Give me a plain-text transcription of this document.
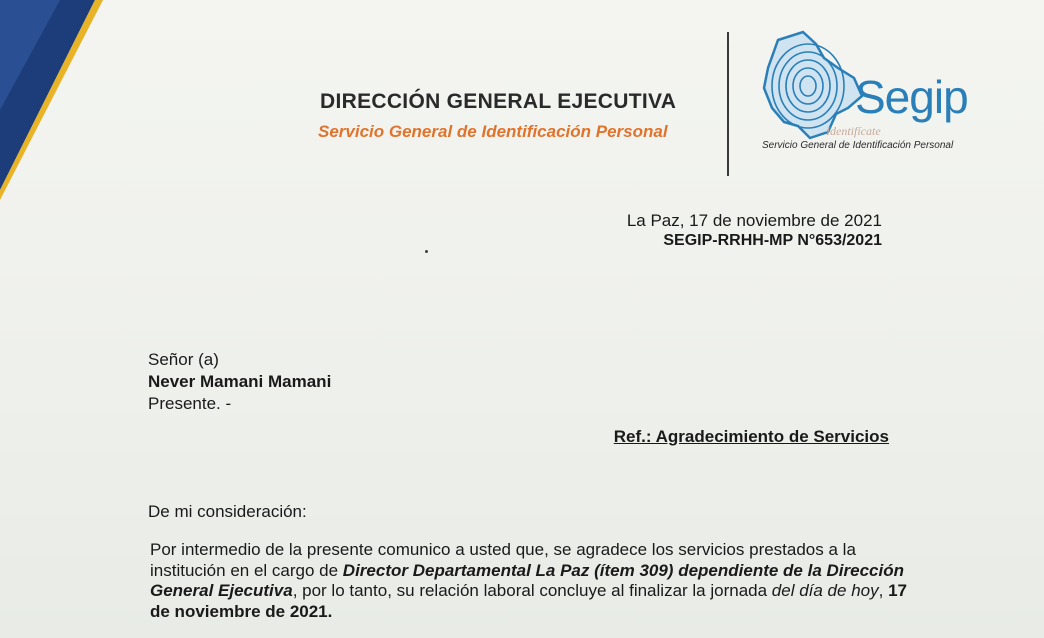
DIRECCIÓN GENERAL EJECUTIVA
Servicio General de Identificación Personal
Segip
Identifícate
Servicio General de Identificación Personal
La Paz, 17 de noviembre de 2021
SEGIP-RRHH-MP N°653/2021
Señor (a)
Never Mamani Mamani
Presente. -
Ref.: Agradecimiento de Servicios
De mi consideración:
Por intermedio de la presente comunico a usted que, se agradece los servicios prestados a la institución en el cargo de Director Departamental La Paz (ítem 309) dependiente de la Dirección General Ejecutiva, por lo tanto, su relación laboral concluye al finalizar la jornada del día de hoy, 17 de noviembre de 2021.
